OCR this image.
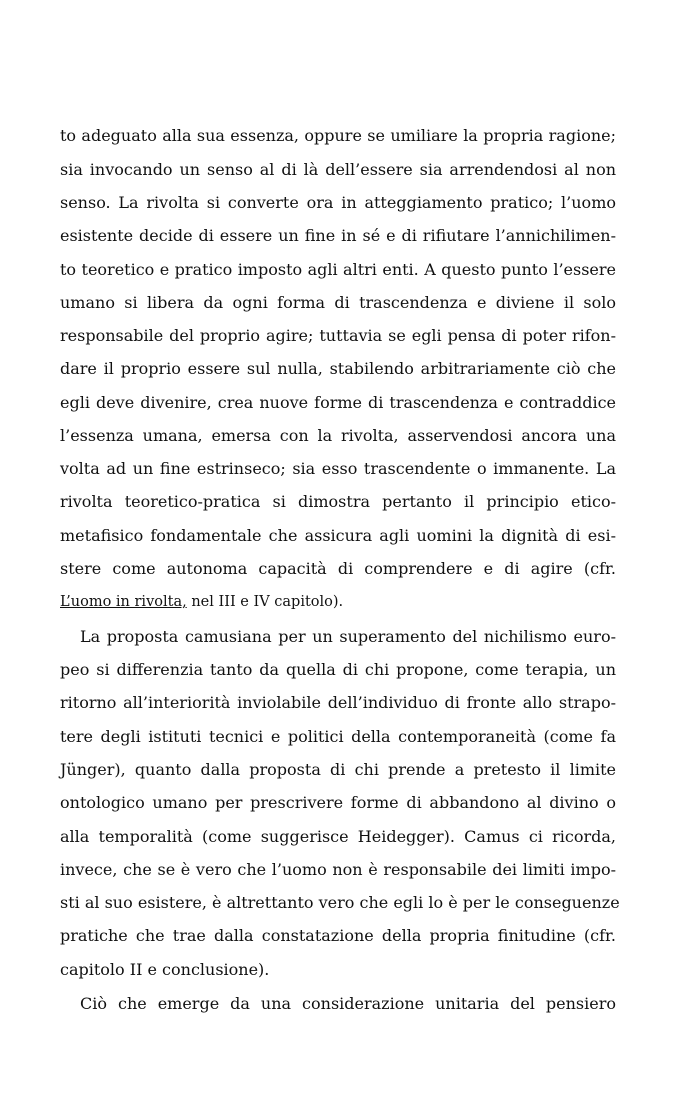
to adeguato alla sua essenza, oppure se umiliare la propria ragione;
sia invocando un senso al di là dell’essere sia arrendendosi al non
senso. La rivolta si converte ora in atteggiamento pratico; l’uomo
esistente decide di essere un fine in sé e di rifiutare l’annichilimen-
to teoretico e pratico imposto agli altri enti. A questo punto l’essere
umano si libera da ogni forma di trascendenza e diviene il solo
responsabile del proprio agire; tuttavia se egli pensa di poter rifon-
dare il proprio essere sul nulla, stabilendo arbitrariamente ciò che
egli deve divenire, crea nuove forme di trascendenza e contraddice
l’essenza umana, emersa con la rivolta, asservendosi ancora una
volta ad un fine estrinseco; sia esso trascendente o immanente. La
rivolta teoretico-pratica si dimostra pertanto il principio etico-
metafisico fondamentale che assicura agli uomini la dignità di esi-
stere come autonoma capacità di comprendere e di agire (cfr.
L’uomo in rivolta, nel III e IV capitolo).
La proposta camusiana per un superamento del nichilismo euro-
peo si differenzia tanto da quella di chi propone, come terapia, un
ritorno all’interiorità inviolabile dell’individuo di fronte allo strapo-
tere degli istituti tecnici e politici della contemporaneità (come fa
Jünger), quanto dalla proposta di chi prende a pretesto il limite
ontologico umano per prescrivere forme di abbandono al divino o
alla temporalità (come suggerisce Heidegger). Camus ci ricorda,
invece, che se è vero che l’uomo non è responsabile dei limiti impo-
sti al suo esistere, è altrettanto vero che egli lo è per le conseguenze
pratiche che trae dalla constatazione della propria finitudine (cfr.
capitolo II e conclusione).
Ciò che emerge da una considerazione unitaria del pensiero
